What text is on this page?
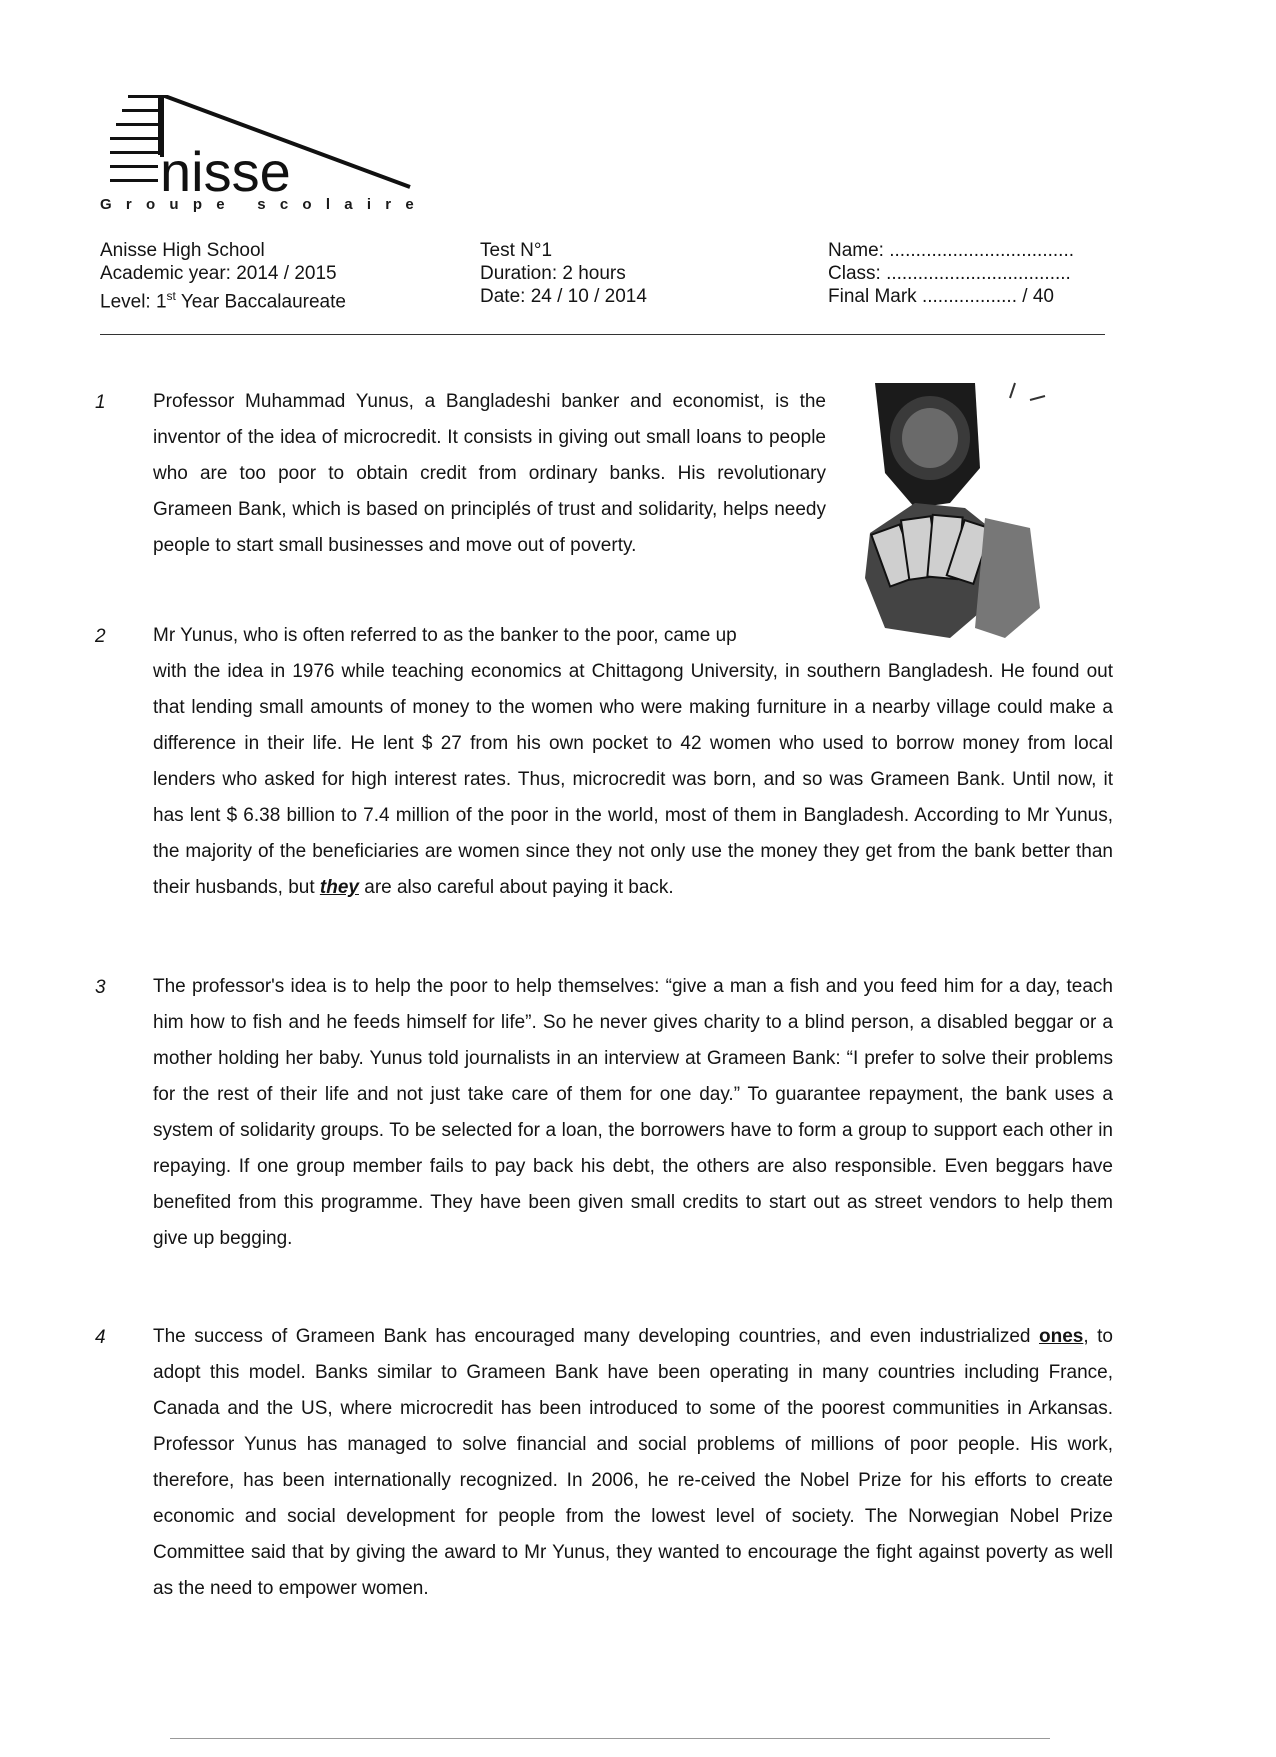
nisse
Groupe scolaire
Anisse High School
Academic year: 2014 / 2015
Level: 1st Year Baccalaureate
Test N°1
Duration: 2 hours
Date: 24 / 10 / 2014
Name: ...................................
Class: ...................................
Final Mark .................. / 40
1 Professor Muhammad Yunus, a Bangladeshi banker and economist, is the inventor of the idea of microcredit. It consists in giving out small loans to people who are too poor to obtain credit from ordinary banks. His revolutionary Grameen Bank, which is based on principlés of trust and solidarity, helps needy people to start small businesses and move out of poverty.
2 Mr Yunus, who is often referred to as the banker to the poor, came up
with the idea in 1976 while teaching economics at Chittagong University, in southern Bangladesh. He found out that lending small amounts of money to the women who were making furniture in a nearby village could make a difference in their life. He lent $ 27 from his own pocket to 42 women who used to borrow money from local lenders who asked for high interest rates. Thus, microcredit was born, and so was Grameen Bank. Until now, it has lent $ 6.38 billion to 7.4 million of the poor in the world, most of them in Bangladesh. According to Mr Yunus, the majority of the beneficiaries are women since they not only use the money they get from the bank better than their husbands, but they are also careful about paying it back.
3 The professor's idea is to help the poor to help themselves: “give a man a fish and you feed him for a day, teach him how to fish and he feeds himself for life”. So he never gives charity to a blind person, a disabled beggar or a mother holding her baby. Yunus told journalists in an interview at Grameen Bank: “I prefer to solve their problems for the rest of their life and not just take care of them for one day.” To guarantee repayment, the bank uses a system of solidarity groups. To be selected for a loan, the borrowers have to form a group to support each other in repaying. If one group member fails to pay back his debt, the others are also responsible. Even beggars have benefited from this programme. They have been given small credits to start out as street vendors to help them give up begging.
4 The success of Grameen Bank has encouraged many developing countries, and even industrialized ones, to adopt this model. Banks similar to Grameen Bank have been operating in many countries including France, Canada and the US, where microcredit has been introduced to some of the poorest communities in Arkansas. Professor Yunus has managed to solve financial and social problems of millions of poor people. His work, therefore, has been internationally recognized. In 2006, he re-ceived the Nobel Prize for his efforts to create economic and social development for people from the lowest level of society. The Norwegian Nobel Prize Committee said that by giving the award to Mr Yunus, they wanted to encourage the fight against poverty as well as the need to empower women.
